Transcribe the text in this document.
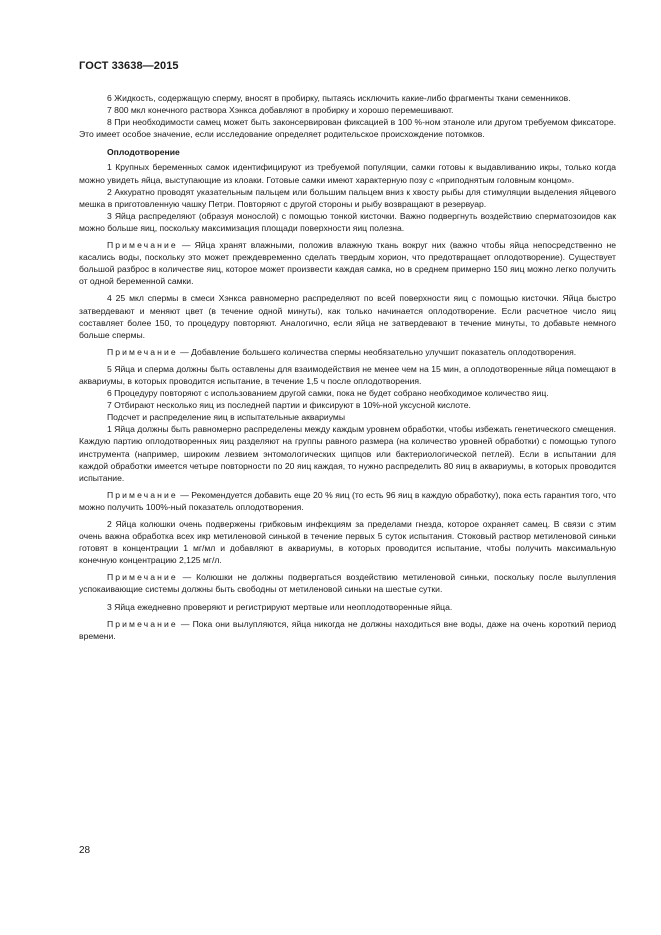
ГОСТ 33638—2015

6 Жидкость, содержащую сперму, вносят в пробирку, пытаясь исключить какие-либо фрагменты ткани семенников.

7 800 мкл конечного раствора Хэнкса добавляют в пробирку и хорошо перемешивают.

8 При необходимости самец может быть законсервирован фиксацией в 100 %-ном этаноле или другом требуемом фиксаторе. Это имеет особое значение, если исследование определяет родительское происхождение потомков.

Оплодотворение

1 Крупных беременных самок идентифицируют из требуемой популяции, самки готовы к выдавливанию икры, только когда можно увидеть яйца, выступающие из клоаки. Готовые самки имеют характерную позу с «приподнятым головным концом».

2 Аккуратно проводят указательным пальцем или большим пальцем вниз к хвосту рыбы для стимуляции выделения яйцевого мешка в приготовленную чашку Петри. Повторяют с другой стороны и рыбу возвращают в резервуар.

3 Яйца распределяют (образуя монослой) с помощью тонкой кисточки. Важно подвергнуть воздействию сперматозоидов как можно больше яиц, поскольку максимизация площади поверхности яиц полезна.

Примечание — Яйца хранят влажными, положив влажную ткань вокруг них (важно чтобы яйца непосредственно не касались воды, поскольку это может преждевременно сделать твердым хорион, что предотвращает оплодотворение). Существует большой разброс в количестве яиц, которое может произвести каждая самка, но в среднем примерно 150 яиц можно легко получить от одной беременной самки.

4 25 мкл спермы в смеси Хэнкса равномерно распределяют по всей поверхности яиц с помощью кисточки. Яйца быстро затвердевают и меняют цвет (в течение одной минуты), как только начинается оплодотворение. Если расчетное число яиц составляет более 150, то процедуру повторяют. Аналогично, если яйца не затвердевают в течение минуты, то добавьте немного больше спермы.

Примечание — Добавление большего количества спермы необязательно улучшит показатель оплодотворения.

5 Яйца и сперма должны быть оставлены для взаимодействия не менее чем на 15 мин, а оплодотворенные яйца помещают в аквариумы, в которых проводится испытание, в течение 1,5 ч после оплодотворения.

6 Процедуру повторяют с использованием другой самки, пока не будет собрано необходимое количество яиц.

7 Отбирают несколько яиц из последней партии и фиксируют в 10%-ной уксусной кислоте.

Подсчет и распределение яиц в испытательные аквариумы

1 Яйца должны быть равномерно распределены между каждым уровнем обработки, чтобы избежать генетического смещения. Каждую партию оплодотворенных яиц разделяют на группы равного размера (на количество уровней обработки) с помощью тупого инструмента (например, широким лезвием энтомологических щипцов или бактериологической петлей). Если в испытании для каждой обработки имеется четыре повторности по 20 яиц каждая, то нужно распределить 80 яиц в аквариумы, в которых проводится испытание.

Примечание — Рекомендуется добавить еще 20 % яиц (то есть 96 яиц в каждую обработку), пока есть гарантия того, что можно получить 100%-ный показатель оплодотворения.

2 Яйца колюшки очень подвержены грибковым инфекциям за пределами гнезда, которое охраняет самец. В связи с этим очень важна обработка всех икр метиленовой синькой в течение первых 5 суток испытания. Стоковый раствор метиленовой синьки готовят в концентрации 1 мг/мл и добавляют в аквариумы, в которых проводится испытание, чтобы получить максимальную конечную концентрацию 2,125 мг/л.

Примечание — Колюшки не должны подвергаться воздействию метиленовой синьки, поскольку после вылупления успокаивающие системы должны быть свободны от метиленовой синьки на шестые сутки.

3 Яйца ежедневно проверяют и регистрируют мертвые или неоплодотворенные яйца.

Примечание — Пока они вылупляются, яйца никогда не должны находиться вне воды, даже на очень короткий период времени.

28
